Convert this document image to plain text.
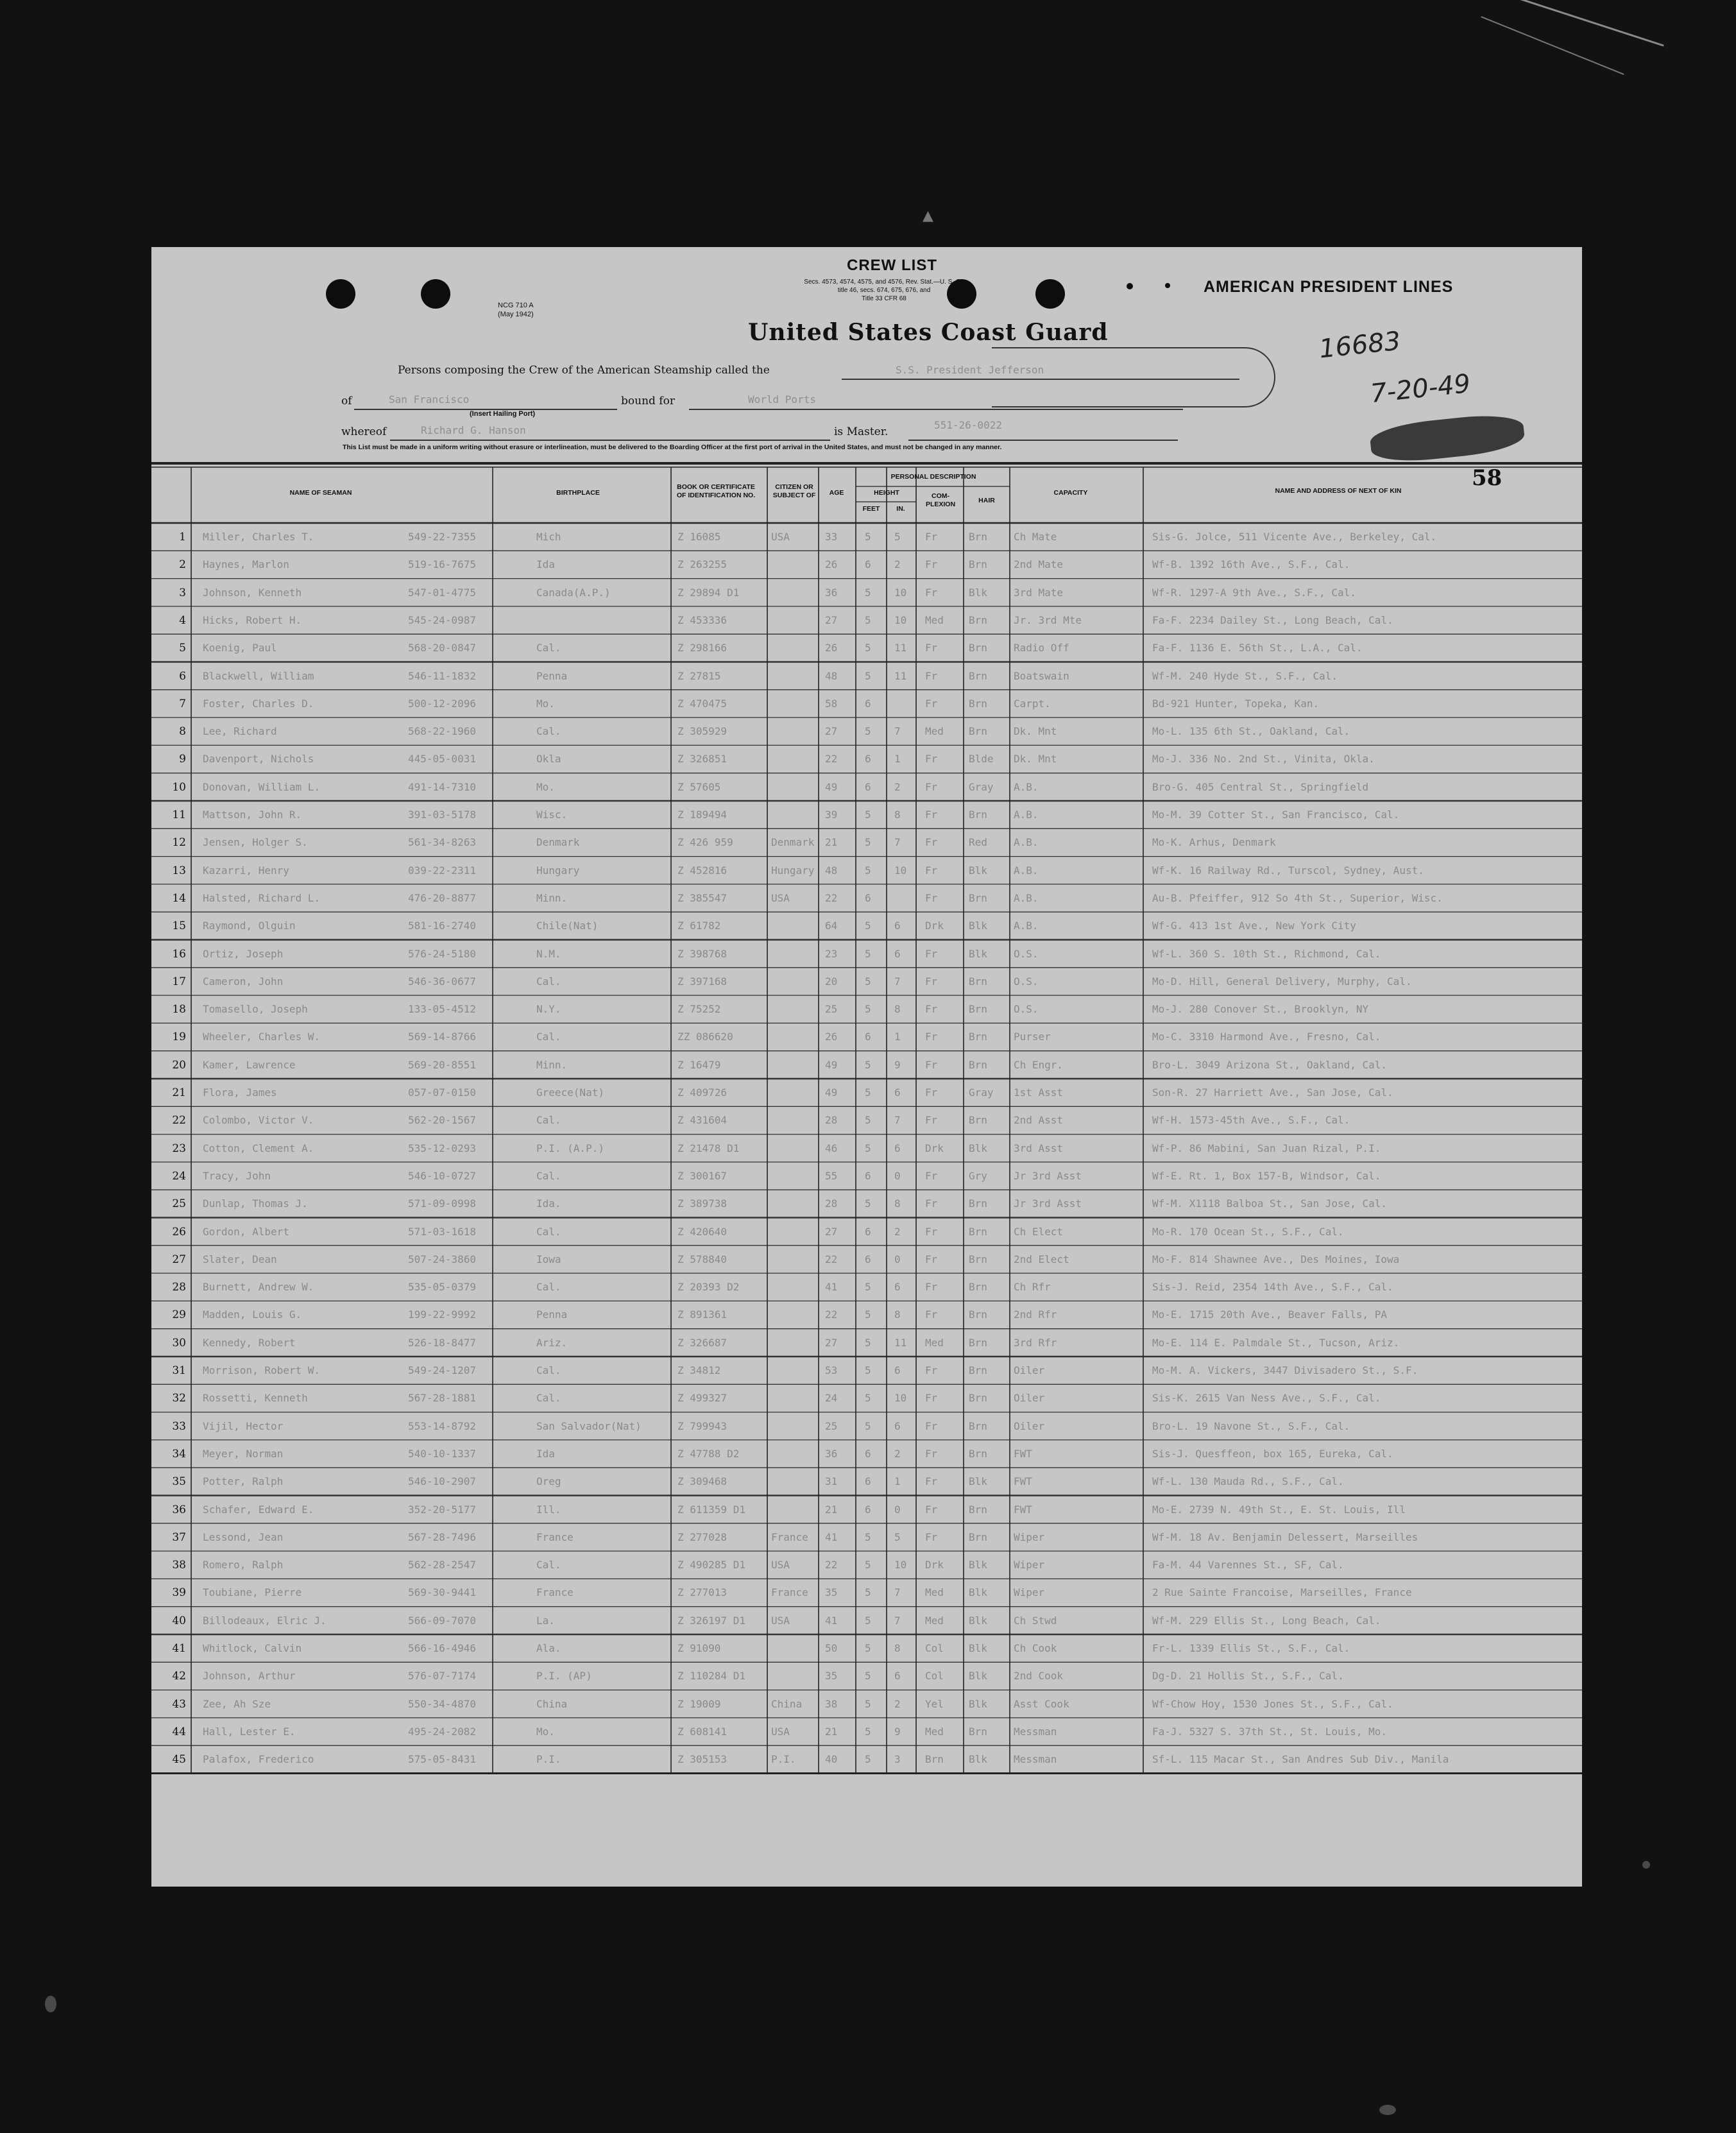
▲
CREW LIST
Secs. 4573, 4574, 4575, and 4576, Rev. Stat.—U. S. C.,
title 46, secs. 674, 675, 676, and
Title 33 CFR 68
NCG 710 A
(May 1942)
AMERICAN PRESIDENT LINES
United States Coast Guard
Persons composing the Crew of the American Steamship called the	S.S. President Jefferson
of	San Francisco
(Insert Hailing Port)
bound for	World Ports
whereof	Richard G. Hanson	is Master.
551-26-0022
This List must be made in a uniform writing without erasure or interlineation, must be delivered to the Boarding Officer at the first port of arrival in the United States, and must not be changed in any manner.
16683
7-20-49
58
NAME OF SEAMAN	BIRTHPLACE
BOOK OR CERTIFICATE OF IDENTIFICATION NO.
CITIZEN OR SUBJECT OF	AGE
PERSONAL DESCRIPTION
HEIGHT
FEET	IN.
COM- PLEXION
HAIR
CAPACITY	NAME AND ADDRESS OF NEXT OF KIN
1 Miller, Charles T.	549-22-7355	Mich	Z 16085	USA	33	5 5 Fr	Brn	Ch Mate	Sis-G. Jolce, 511 Vicente Ave., Berkeley, Cal.
2 Haynes, Marlon	519-16-7675	Ida	Z 263255	26	6 2 Fr	Brn	2nd Mate	Wf-B. 1392 16th Ave., S.F., Cal.
3 Johnson, Kenneth	547-01-4775	Canada(A.P.)	Z 29894 D1	36	5 10 Fr	Blk	3rd Mate	Wf-R. 1297-A 9th Ave., S.F., Cal.
4 Hicks, Robert H.	545-24-0987	Z 453336	27	5 10 Med Brn	Jr. 3rd Mte	Fa-F. 2234 Dailey St., Long Beach, Cal.
5 Koenig, Paul	568-20-0847	Cal.	Z 298166	26	5 11 Fr	Brn	Radio Off	Fa-F. 1136 E. 56th St., L.A., Cal.
6 Blackwell, William	546-11-1832	Penna	Z 27815	48	5 11 Fr	Brn	Boatswain	Wf-M. 240 Hyde St., S.F., Cal.
7 Foster, Charles D.	500-12-2096	Mo.	Z 470475	58	6	Fr	Brn	Carpt.	Bd-921 Hunter, Topeka, Kan.
8 Lee, Richard	568-22-1960	Cal.	Z 305929	27	5 7 Med Brn	Dk. Mnt	Mo-L. 135 6th St., Oakland, Cal.
9 Davenport, Nichols	445-05-0031	Okla	Z 326851	22	6 1 Fr	Blde Dk. Mnt	Mo-J. 336 No. 2nd St., Vinita, Okla.
10 Donovan, William L.	491-14-7310	Mo.	Z 57605	49	6 2 Fr	Gray A.B.	Bro-G. 405 Central St., Springfield
11 Mattson, John R.	391-03-5178	Wisc.	Z 189494	39	5 8 Fr	Brn	A.B.	Mo-M. 39 Cotter St., San Francisco, Cal.
12 Jensen, Holger S.	561-34-8263	Denmark	Z 426 959	Denmark 21	5 7 Fr	Red	A.B.	Mo-K. Arhus, Denmark
13 Kazarri, Henry	039-22-2311	Hungary	Z 452816	Hungary 48	5 10 Fr	Blk	A.B.	Wf-K. 16 Railway Rd., Turscol, Sydney, Aust.
14 Halsted, Richard L.	476-20-8877	Minn.	Z 385547	USA	22	6	Fr	Brn	A.B.	Au-B. Pfeiffer, 912 So 4th St., Superior, Wisc.
15 Raymond, Olguin	581-16-2740	Chile(Nat)	Z 61782	64	5 6 Drk Blk	A.B.	Wf-G. 413 1st Ave., New York City
16 Ortiz, Joseph	576-24-5180	N.M.	Z 398768	23	5 6 Fr	Blk	O.S.	Wf-L. 360 S. 10th St., Richmond, Cal.
17 Cameron, John	546-36-0677	Cal.	Z 397168	20	5 7 Fr	Brn	O.S.	Mo-D. Hill, General Delivery, Murphy, Cal.
18 Tomasello, Joseph	133-05-4512	N.Y.	Z 75252	25	5 8 Fr	Brn	O.S.	Mo-J. 280 Conover St., Brooklyn, NY
19 Wheeler, Charles W.	569-14-8766	Cal.	ZZ 086620	26	6 1 Fr	Brn	Purser	Mo-C. 3310 Harmond Ave., Fresno, Cal.
20 Kamer, Lawrence	569-20-8551	Minn.	Z 16479	49	5 9 Fr	Brn	Ch Engr.	Bro-L. 3049 Arizona St., Oakland, Cal.
21 Flora, James	057-07-0150	Greece(Nat)	Z 409726	49	5 6 Fr	Gray 1st Asst	Son-R. 27 Harriett Ave., San Jose, Cal.
22 Colombo, Victor V.	562-20-1567	Cal.	Z 431604	28	5 7 Fr	Brn	2nd Asst	Wf-H. 1573-45th Ave., S.F., Cal.
23 Cotton, Clement A.	535-12-0293	P.I. (A.P.)	Z 21478 D1	46	5 6 Drk Blk	3rd Asst	Wf-P. 86 Mabini, San Juan Rizal, P.I.
24 Tracy, John	546-10-0727	Cal.	Z 300167	55	6 0 Fr	Gry	Jr 3rd Asst	Wf-E. Rt. 1, Box 157-B, Windsor, Cal.
25 Dunlap, Thomas J.	571-09-0998	Ida.	Z 389738	28	5 8 Fr	Brn	Jr 3rd Asst	Wf-M. X1118 Balboa St., San Jose, Cal.
26 Gordon, Albert	571-03-1618	Cal.	Z 420640	27	6 2 Fr	Brn	Ch Elect	Mo-R. 170 Ocean St., S.F., Cal.
27 Slater, Dean	507-24-3860	Iowa	Z 578840	22	6 0 Fr	Brn	2nd Elect	Mo-F. 814 Shawnee Ave., Des Moines, Iowa
28 Burnett, Andrew W.	535-05-0379	Cal.	Z 20393 D2	41	5 6 Fr	Brn	Ch Rfr	Sis-J. Reid, 2354 14th Ave., S.F., Cal.
29 Madden, Louis G.	199-22-9992	Penna	Z 891361	22	5 8 Fr	Brn	2nd Rfr	Mo-E. 1715 20th Ave., Beaver Falls, PA
30 Kennedy, Robert	526-18-8477	Ariz.	Z 326687	27	5 11 Med Brn	3rd Rfr	Mo-E. 114 E. Palmdale St., Tucson, Ariz.
31 Morrison, Robert W.	549-24-1207	Cal.	Z 34812	53	5 6 Fr	Brn	Oiler	Mo-M. A. Vickers, 3447 Divisadero St., S.F.
32 Rossetti, Kenneth	567-28-1881	Cal.	Z 499327	24	5 10 Fr	Brn	Oiler	Sis-K. 2615 Van Ness Ave., S.F., Cal.
33 Vijil, Hector	553-14-8792	San Salvador(Nat)	Z 799943	25	5 6 Fr	Brn	Oiler	Bro-L. 19 Navone St., S.F., Cal.
34 Meyer, Norman	540-10-1337	Ida	Z 47788 D2	36	6 2 Fr	Brn	FWT	Sis-J. Quesffeon, box 165, Eureka, Cal.
35 Potter, Ralph	546-10-2907	Oreg	Z 309468	31	6 1 Fr	Blk	FWT	Wf-L. 130 Mauda Rd., S.F., Cal.
36 Schafer, Edward E.	352-20-5177	Ill.	Z 611359 D1	21	6 0 Fr	Brn	FWT	Mo-E. 2739 N. 49th St., E. St. Louis, Ill
37 Lessond, Jean	567-28-7496	France	Z 277028	France 41	5 5 Fr	Brn	Wiper	Wf-M. 18 Av. Benjamin Delessert, Marseilles
38 Romero, Ralph	562-28-2547	Cal.	Z 490285 D1	USA	22	5 10 Drk Blk	Wiper	Fa-M. 44 Varennes St., SF, Cal.
39 Toubiane, Pierre	569-30-9441	France	Z 277013	France 35	5 7 Med Blk	Wiper	2 Rue Sainte Francoise, Marseilles, France
40 Billodeaux, Elric J.	566-09-7070	La.	Z 326197 D1	USA	41	5 7 Med Blk	Ch Stwd	Wf-M. 229 Ellis St., Long Beach, Cal.
41 Whitlock, Calvin	566-16-4946	Ala.	Z 91090	50	5 8 Col Blk	Ch Cook	Fr-L. 1339 Ellis St., S.F., Cal.
42 Johnson, Arthur	576-07-7174	P.I. (AP)	Z 110284 D1	35	5 6 Col Blk	2nd Cook	Dg-D. 21 Hollis St., S.F., Cal.
43 Zee, Ah Sze	550-34-4870	China	Z 19009	China 38	5 2 Yel Blk	Asst Cook	Wf-Chow Hoy, 1530 Jones St., S.F., Cal.
44 Hall, Lester E.	495-24-2082	Mo.	Z 608141	USA	21	5 9 Med Brn	Messman	Fa-J. 5327 S. 37th St., St. Louis, Mo.
45 Palafox, Frederico	575-05-8431	P.I.	Z 305153	P.I.	40	5 3 Brn Blk	Messman	Sf-L. 115 Macar St., San Andres Sub Div., Manila
